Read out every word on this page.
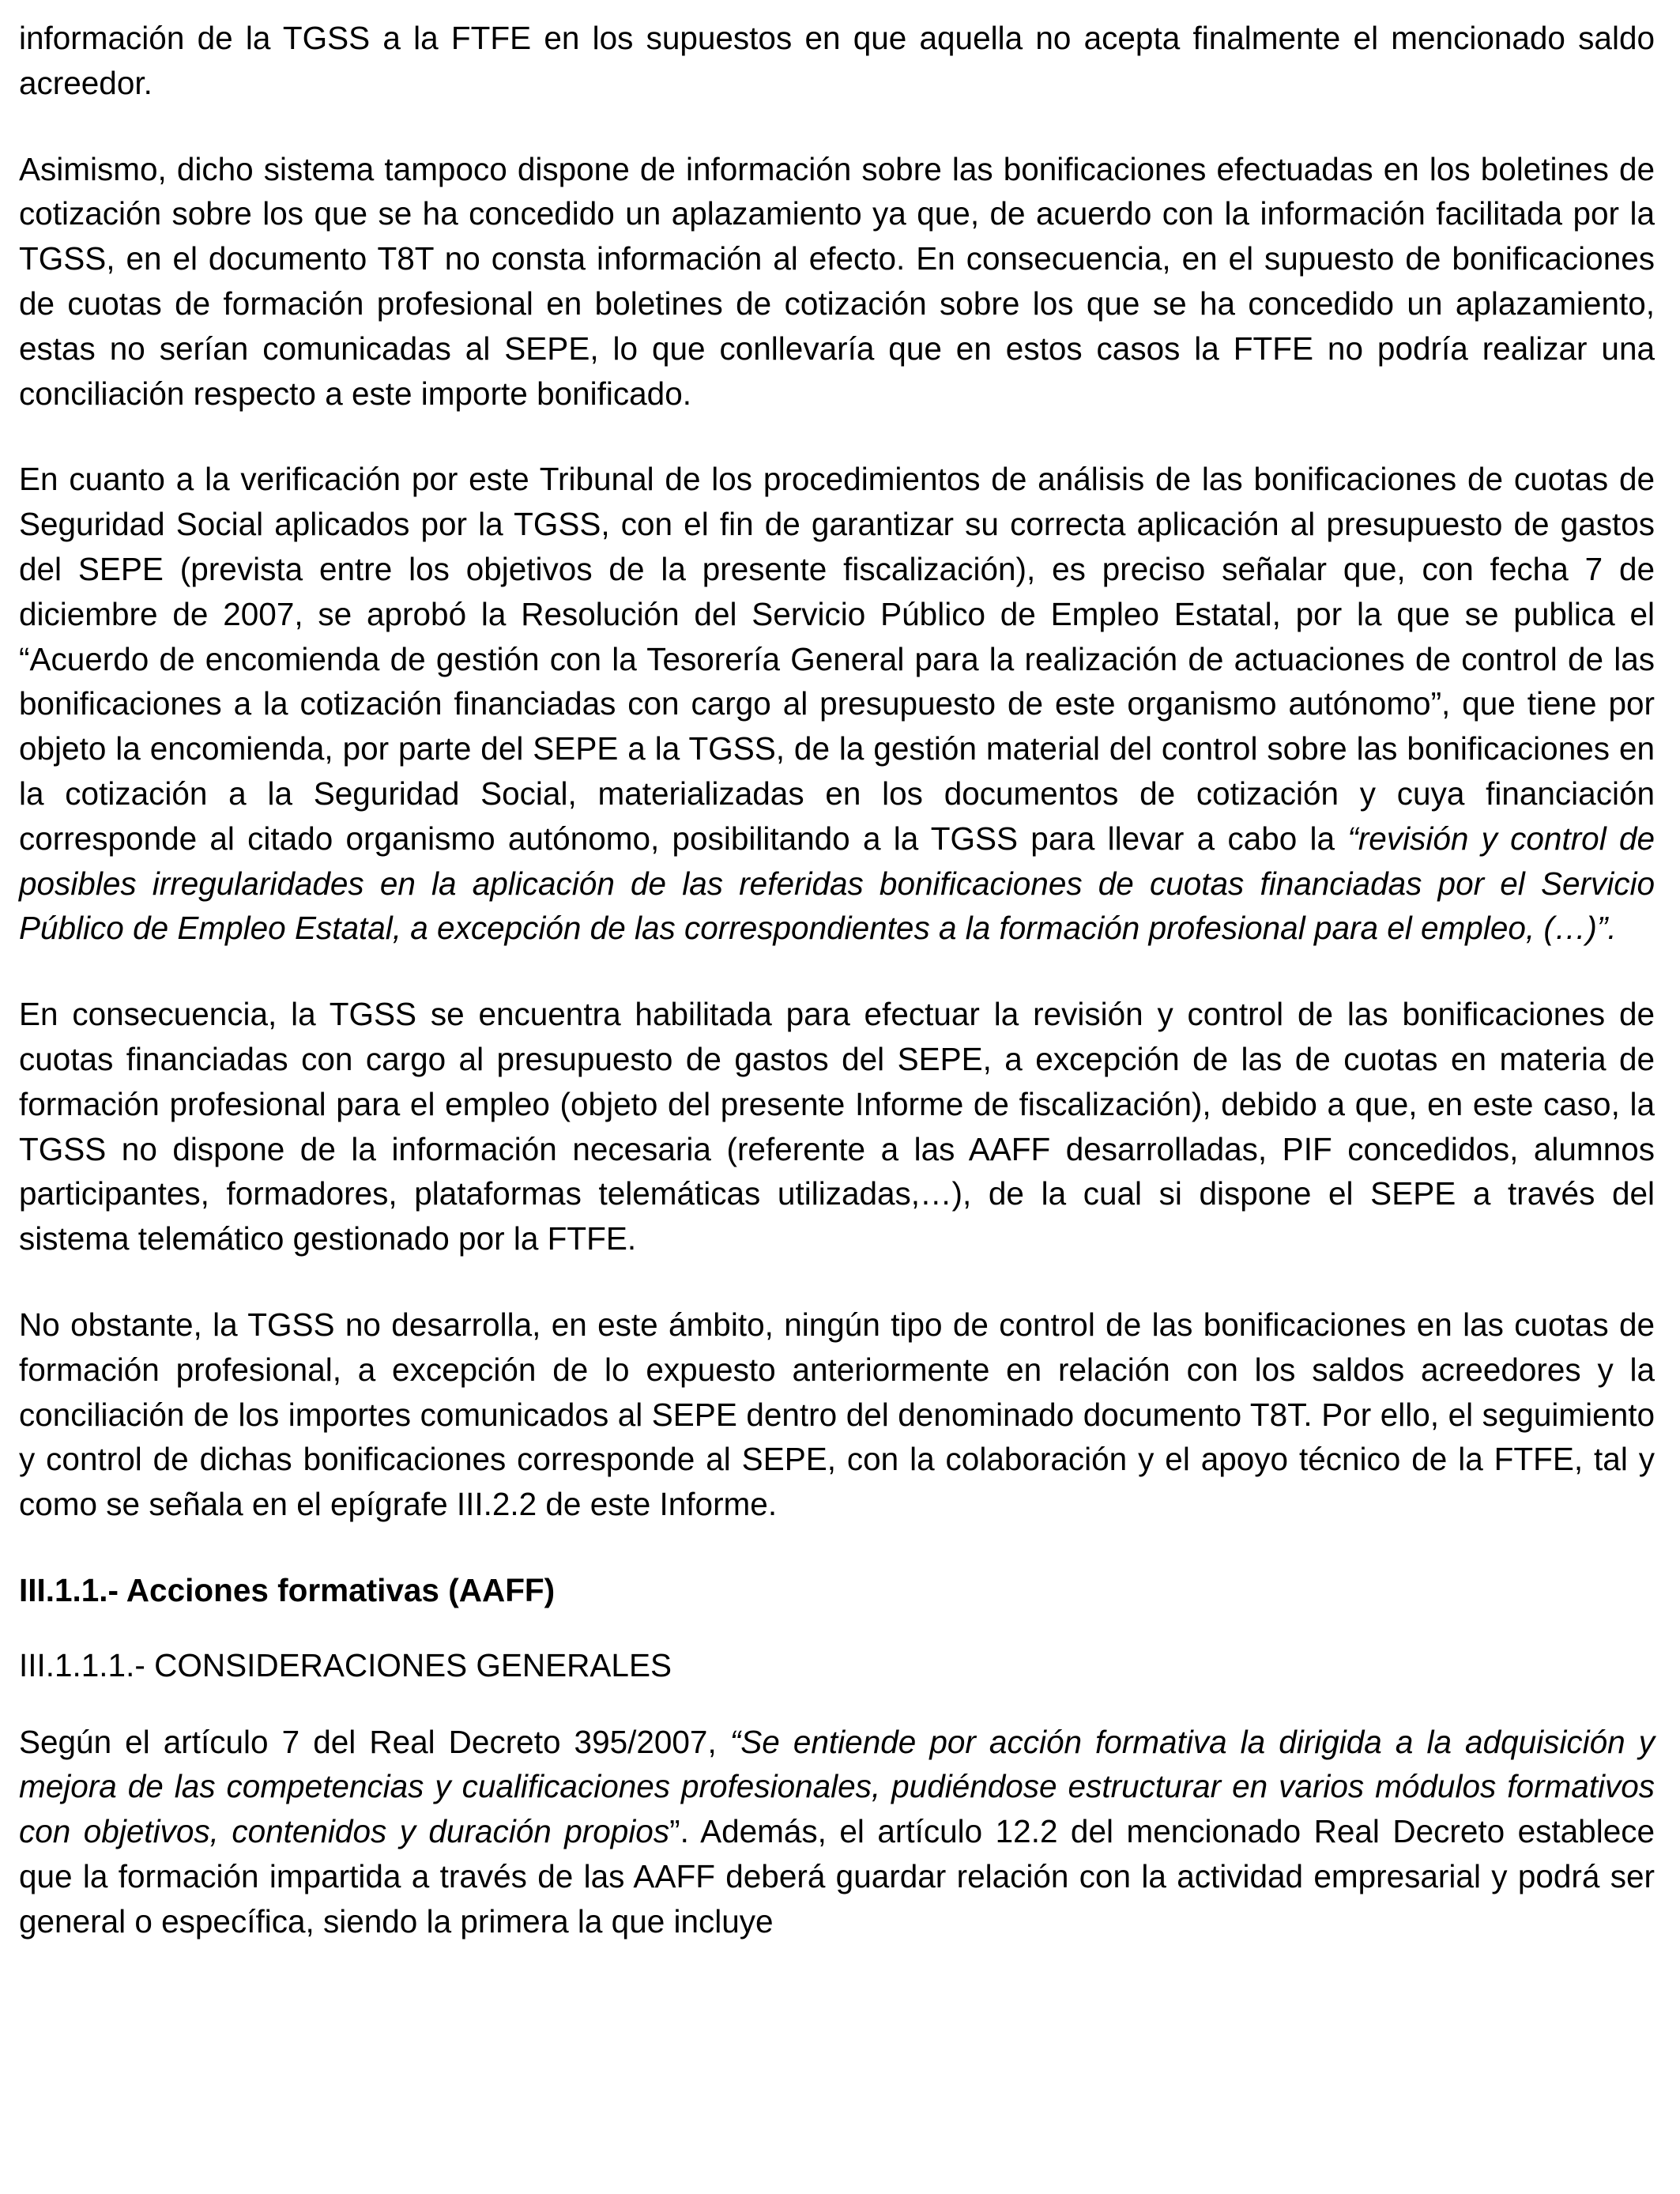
información de la TGSS a la FTFE en los supuestos en que aquella no acepta finalmente el mencionado saldo acreedor.

Asimismo, dicho sistema tampoco dispone de información sobre las bonificaciones efectuadas en los boletines de cotización sobre los que se ha concedido un aplazamiento ya que, de acuerdo con la información facilitada por la TGSS, en el documento T8T no consta información al efecto. En consecuencia, en el supuesto de bonificaciones de cuotas de formación profesional en boletines de cotización sobre los que se ha concedido un aplazamiento, estas no serían comunicadas al SEPE, lo que conllevaría que en estos casos la FTFE no podría realizar una conciliación respecto a este importe bonificado.

En cuanto a la verificación por este Tribunal de los procedimientos de análisis de las bonificaciones de cuotas de Seguridad Social aplicados por la TGSS, con el fin de garantizar su correcta aplicación al presupuesto de gastos del SEPE (prevista entre los objetivos de la presente fiscalización), es preciso señalar que, con fecha 7 de diciembre de 2007, se aprobó la Resolución del Servicio Público de Empleo Estatal, por la que se publica el “Acuerdo de encomienda de gestión con la Tesorería General para la realización de actuaciones de control de las bonificaciones a la cotización financiadas con cargo al presupuesto de este organismo autónomo”, que tiene por objeto la encomienda, por parte del SEPE a la TGSS, de la gestión material del control sobre las bonificaciones en la cotización a la Seguridad Social, materializadas en los documentos de cotización y cuya financiación corresponde al citado organismo autónomo, posibilitando a la TGSS para llevar a cabo la “revisión y control de posibles irregularidades en la aplicación de las referidas bonificaciones de cuotas financiadas por el Servicio Público de Empleo Estatal, a excepción de las correspondientes a la formación profesional para el empleo, (…)”.

En consecuencia, la TGSS se encuentra habilitada para efectuar la revisión y control de las bonificaciones de cuotas financiadas con cargo al presupuesto de gastos del SEPE, a excepción de las de cuotas en materia de formación profesional para el empleo (objeto del presente Informe de fiscalización), debido a que, en este caso, la TGSS no dispone de la información necesaria (referente a las AAFF desarrolladas, PIF concedidos, alumnos participantes, formadores, plataformas telemáticas utilizadas,…), de la cual si dispone el SEPE a través del sistema telemático gestionado por la FTFE.

No obstante, la TGSS no desarrolla, en este ámbito, ningún tipo de control de las bonificaciones en las cuotas de formación profesional, a excepción de lo expuesto anteriormente en relación con los saldos acreedores y la conciliación de los importes comunicados al SEPE dentro del denominado documento T8T. Por ello, el seguimiento y control de dichas bonificaciones corresponde al SEPE, con la colaboración y el apoyo técnico de la FTFE, tal y como se señala en el epígrafe III.2.2 de este Informe.

III.1.1.- Acciones formativas (AAFF)
III.1.1.1.- CONSIDERACIONES GENERALES

Según el artículo 7 del Real Decreto 395/2007, “Se entiende por acción formativa la dirigida a la adquisición y mejora de las competencias y cualificaciones profesionales, pudiéndose estructurar en varios módulos formativos con objetivos, contenidos y duración propios”. Además, el artículo 12.2 del mencionado Real Decreto establece que la formación impartida a través de las AAFF deberá guardar relación con la actividad empresarial y podrá ser general o específica, siendo la primera la que incluye
